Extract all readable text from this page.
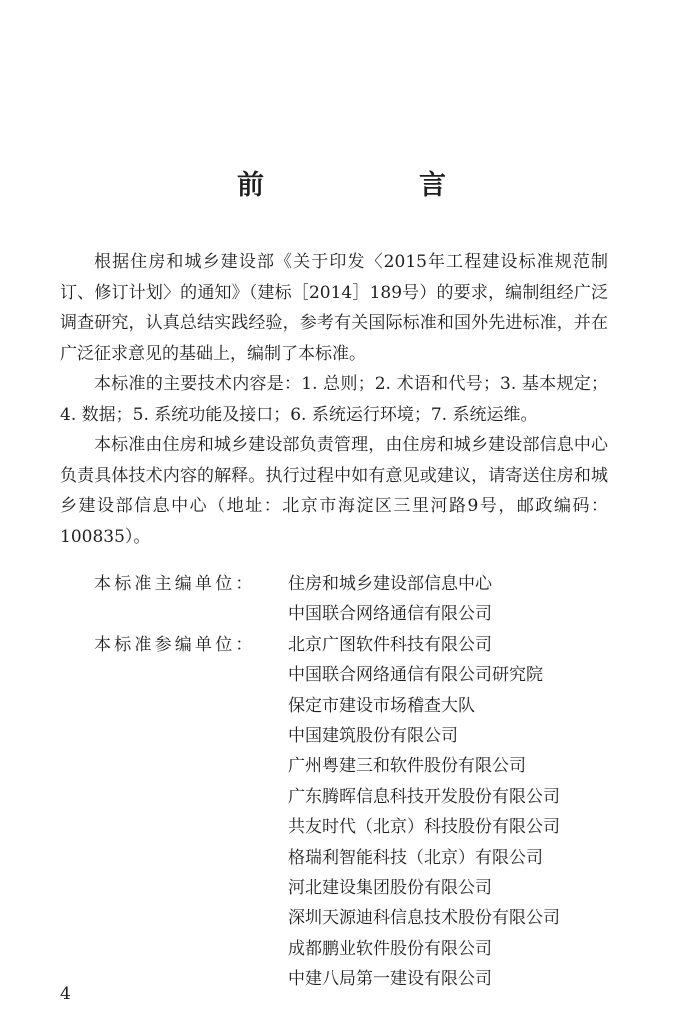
前　言

根据住房和城乡建设部《关于印发〈2015年工程建设标准规范制订、修订计划〉的通知》（建标［2014］189号）的要求，编制组经广泛调查研究，认真总结实践经验，参考有关国际标准和国外先进标准，并在广泛征求意见的基础上，编制了本标准。

本标准的主要技术内容是：1. 总则；2. 术语和代号；3. 基本规定；4. 数据；5. 系统功能及接口；6. 系统运行环境；7. 系统运维。

本标准由住房和城乡建设部负责管理，由住房和城乡建设部信息中心负责具体技术内容的解释。执行过程中如有意见或建议，请寄送住房和城乡建设部信息中心（地址：北京市海淀区三里河路9号，邮政编码：100835）。

本标准主编单位：	住房和城乡建设部信息中心
中国联合网络通信有限公司
本标准参编单位：	北京广图软件科技有限公司
中国联合网络通信有限公司研究院
保定市建设市场稽查大队
中国建筑股份有限公司
广州粤建三和软件股份有限公司
广东腾晖信息科技开发股份有限公司
共友时代（北京）科技股份有限公司
格瑞利智能科技（北京）有限公司
河北建设集团股份有限公司
深圳天源迪科信息技术股份有限公司
成都鹏业软件股份有限公司
中建八局第一建设有限公司
4
